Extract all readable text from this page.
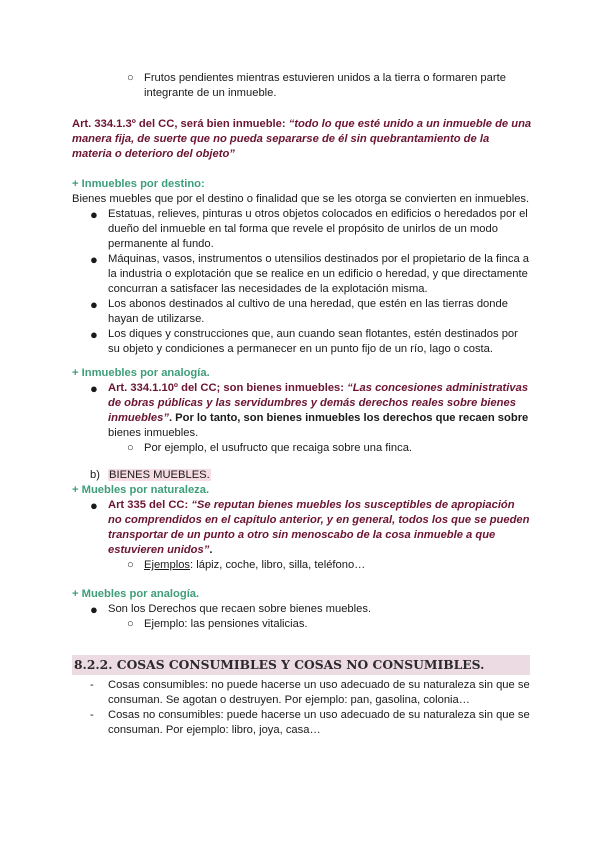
○ Frutos pendientes mientras estuvieren unidos a la tierra o formaren parte
integrante de un inmueble.
Art. 334.1.3º del CC, será bien inmueble: “todo lo que esté unido a un inmueble de una
manera fija, de suerte que no pueda separarse de él sin quebrantamiento de la
materia o deterioro del objeto”
+ Inmuebles por destino:
Bienes muebles que por el destino o finalidad que se les otorga se convierten en inmuebles.
● Estatuas, relieves, pinturas u otros objetos colocados en edificios o heredados por el
dueño del inmueble en tal forma que revele el propósito de unirlos de un modo
permanente al fundo.
● Máquinas, vasos, instrumentos o utensilios destinados por el propietario de la finca a
la industria o explotación que se realice en un edificio o heredad, y que directamente
concurran a satisfacer las necesidades de la explotación misma.
● Los abonos destinados al cultivo de una heredad, que estén en las tierras donde
hayan de utilizarse.
● Los diques y construcciones que, aun cuando sean flotantes, estén destinados por
su objeto y condiciones a permanecer en un punto fijo de un río, lago o costa.
+ Inmuebles por analogía.
● Art. 334.1.10º del CC; son bienes inmuebles: “Las concesiones administrativas
de obras públicas y las servidumbres y demás derechos reales sobre bienes
inmuebles”. Por lo tanto, son bienes inmuebles los derechos que recaen sobre
bienes inmuebles.
○ Por ejemplo, el usufructo que recaiga sobre una finca.
b) BIENES MUEBLES.
+ Muebles por naturaleza.
● Art 335 del CC: “Se reputan bienes muebles los susceptibles de apropiación
no comprendidos en el capítulo anterior, y en general, todos los que se pueden
transportar de un punto a otro sin menoscabo de la cosa inmueble a que
estuvieren unidos”.
○ Ejemplos: lápiz, coche, libro, silla, teléfono…
+ Muebles por analogía.
● Son los Derechos que recaen sobre bienes muebles.
○ Ejemplo: las pensiones vitalicias.
8.2.2. COSAS CONSUMIBLES Y COSAS NO CONSUMIBLES.
- Cosas consumibles: no puede hacerse un uso adecuado de su naturaleza sin que se
consuman. Se agotan o destruyen. Por ejemplo: pan, gasolina, colonia…
- Cosas no consumibles: puede hacerse un uso adecuado de su naturaleza sin que se
consuman. Por ejemplo: libro, joya, casa…
